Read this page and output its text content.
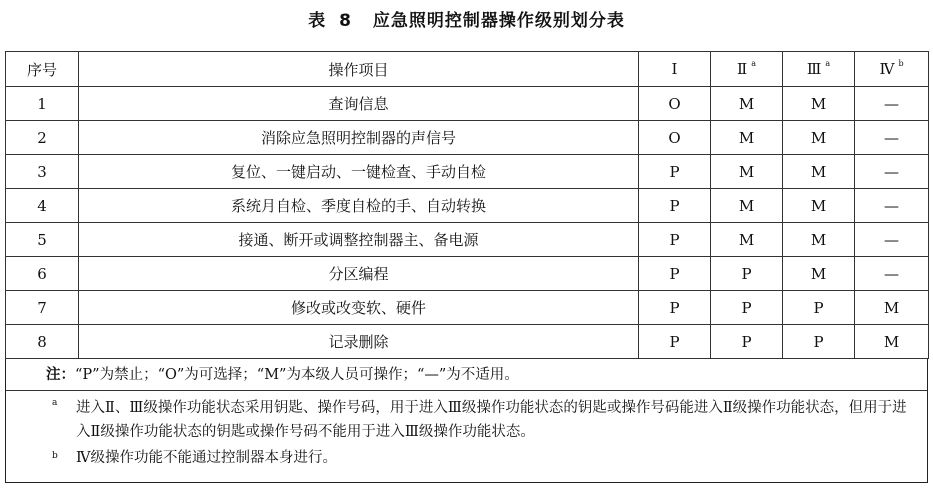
表 8 应急照明控制器操作级别划分表
序号	操作项目	Ⅰ	Ⅱ $^a$	Ⅲ $^a$	Ⅳ $^b$
1	查询信息	O	M	M	—
2	消除应急照明控制器的声信号	O	M	M	—
3	复位、一键启动、一键检查、手动自检	P	M	M	—
4	系统月自检、季度自检的手、自动转换	P	M	M	—
5	接通、断开或调整控制器主、备电源	P	M	M	—
6	分区编程	P	P	M	—
7	修改或改变软、硬件	P	P	P	M
8	记录删除	P	P	P	M
注：“P”为禁止；“O”为可选择；“M”为本级人员可操作；“—”为不适用。
a	进入Ⅱ、Ⅲ级操作功能状态采用钥匙、操作号码，用于进入Ⅲ级操作功能状态的钥匙或操作号码能进入Ⅱ级操作功能状态，但用于进入Ⅱ级操作功能状态的钥匙或操作号码不能用于进入Ⅲ级操作功能状态。
b	Ⅳ级操作功能不能通过控制器本身进行。
